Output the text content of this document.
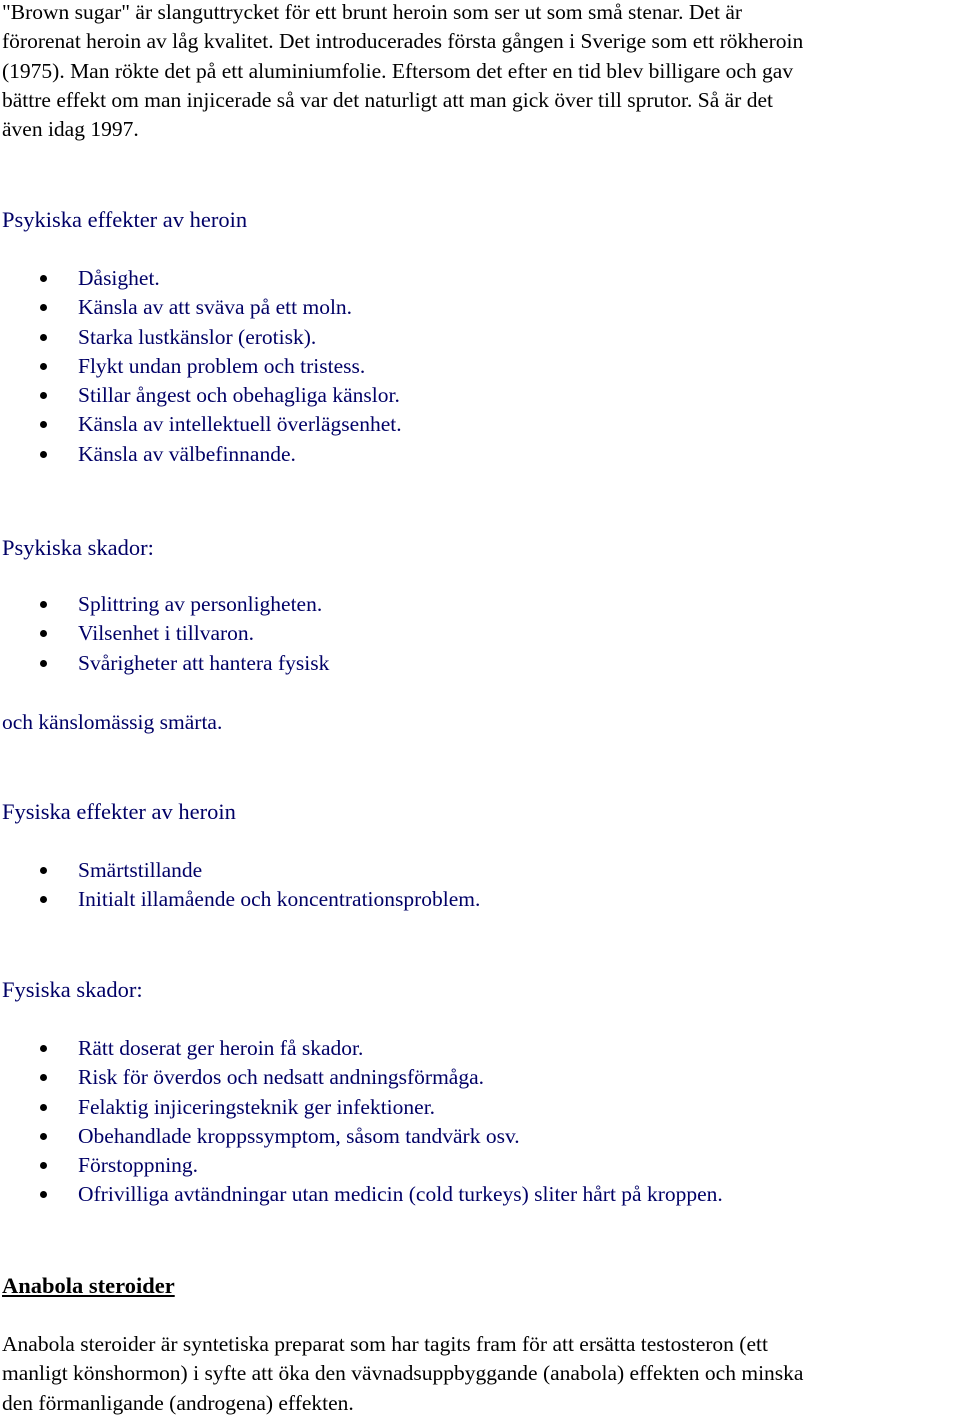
"Brown sugar" är slanguttrycket för ett brunt heroin som ser ut som små stenar. Det är
förorenat heroin av låg kvalitet. Det introducerades första gången i Sverige som ett rökheroin
(1975). Man rökte det på ett aluminiumfolie. Eftersom det efter en tid blev billigare och gav
bättre effekt om man injicerade så var det naturligt att man gick över till sprutor. Så är det
även idag 1997.
Psykiska effekter av heroin
Dåsighet.
Känsla av att sväva på ett moln.
Starka lustkänslor (erotisk).
Flykt undan problem och tristess.
Stillar ångest och obehagliga känslor.
Känsla av intellektuell överlägsenhet.
Känsla av välbefinnande.
Psykiska skador:
Splittring av personligheten.
Vilsenhet i tillvaron.
Svårigheter att hantera fysisk
och känslomässig smärta.
Fysiska effekter av heroin
Smärtstillande
Initialt illamående och koncentrationsproblem.
Fysiska skador:
Rätt doserat ger heroin få skador.
Risk för överdos och nedsatt andningsförmåga.
Felaktig injiceringsteknik ger infektioner.
Obehandlade kroppssymptom, såsom tandvärk osv.
Förstoppning.
Ofrivilliga avtändningar utan medicin (cold turkeys) sliter hårt på kroppen.
Anabola steroider
Anabola steroider är syntetiska preparat som har tagits fram för att ersätta testosteron (ett
manligt könshormon) i syfte att öka den vävnadsuppbyggande (anabola) effekten och minska
den förmanligande (androgena) effekten.
